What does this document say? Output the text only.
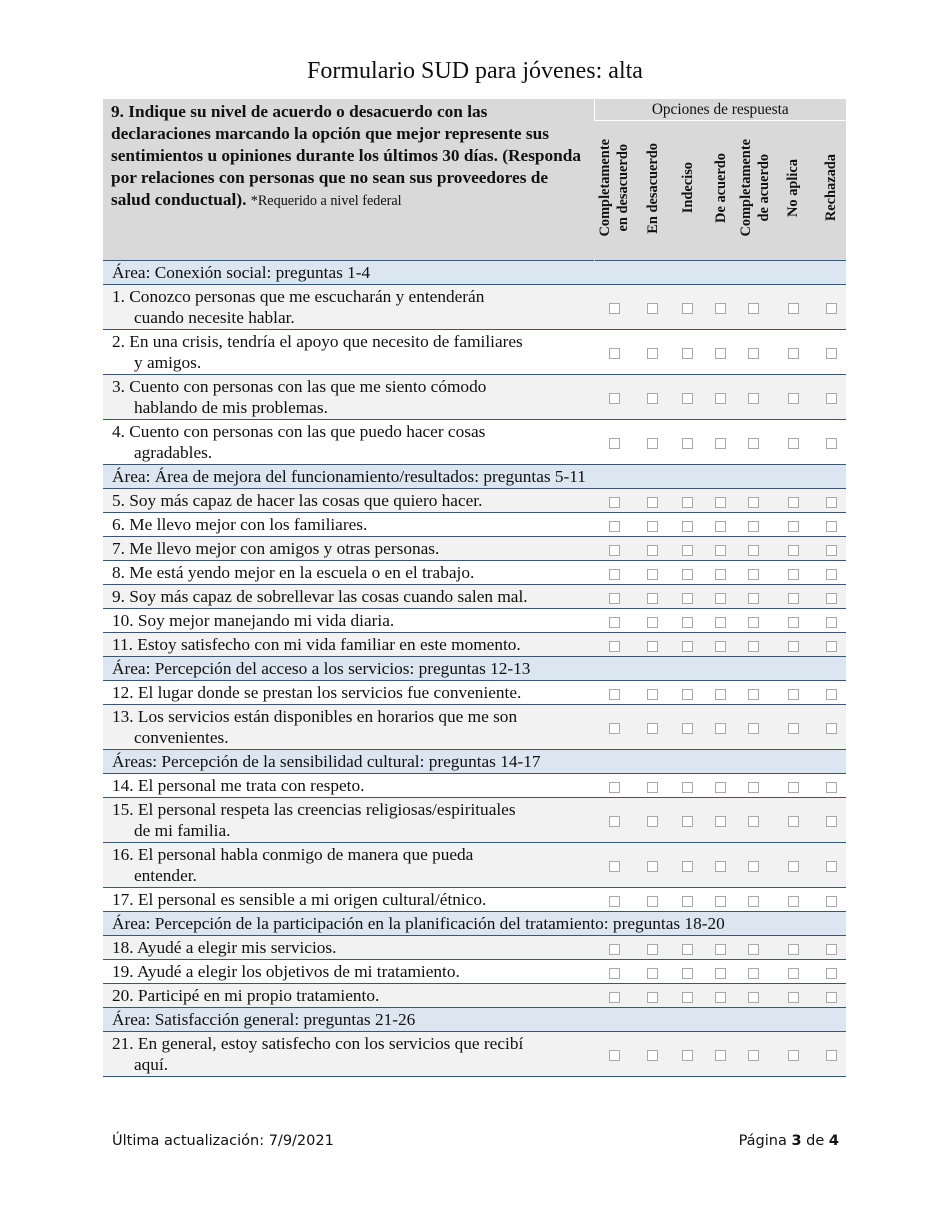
Formulario SUD para jóvenes: alta
9. Indique su nivel de acuerdo o desacuerdo con las declaraciones marcando la opción que mejor represente sus sentimientos u opiniones durante los últimos 30 días. (Responda por relaciones con personas que no sean sus proveedores de salud conductual). *Requerido a nivel federal	Opciones de respuesta						
	Completamente en desacuerdo	En desacuerdo	Indeciso	De acuerdo	Completamente de acuerdo	No aplica	Rechazada
Área: Conexión social: preguntas 1-4							
1. Conozco personas que me escucharán y entenderán
cuando necesite hablar.							

2. En una crisis, tendría el apoyo que necesito de familiares
y amigos.							

3. Cuento con personas con las que me siento cómodo
hablando de mis problemas.							

4. Cuento con personas con las que puedo hacer cosas
agradables.							

Área: Área de mejora del funcionamiento/resultados: preguntas 5-11							
5. Soy más capaz de hacer las cosas que quiero hacer.							
6. Me llevo mejor con los familiares.							
7. Me llevo mejor con amigos y otras personas.							
8. Me está yendo mejor en la escuela o en el trabajo.							
9. Soy más capaz de sobrellevar las cosas cuando salen mal.							
10. Soy mejor manejando mi vida diaria.							
11. Estoy satisfecho con mi vida familiar en este momento.							
Área: Percepción del acceso a los servicios: preguntas 12-13							
12. El lugar donde se prestan los servicios fue conveniente.							
13. Los servicios están disponibles en horarios que me son
convenientes.							

Áreas: Percepción de la sensibilidad cultural: preguntas 14-17							
14. El personal me trata con respeto.							
15. El personal respeta las creencias religiosas/espirituales
de mi familia.							

16. El personal habla conmigo de manera que pueda
entender.							

17. El personal es sensible a mi origen cultural/étnico.							
Área: Percepción de la participación en la planificación del tratamiento: preguntas 18-20							
18. Ayudé a elegir mis servicios.							
19. Ayudé a elegir los objetivos de mi tratamiento.							
20. Participé en mi propio tratamiento.							
Área: Satisfacción general: preguntas 21-26							
21. En general, estoy satisfecho con los servicios que recibí
aquí.							

Última actualización: 7/9/2021	Página 3 de 4
